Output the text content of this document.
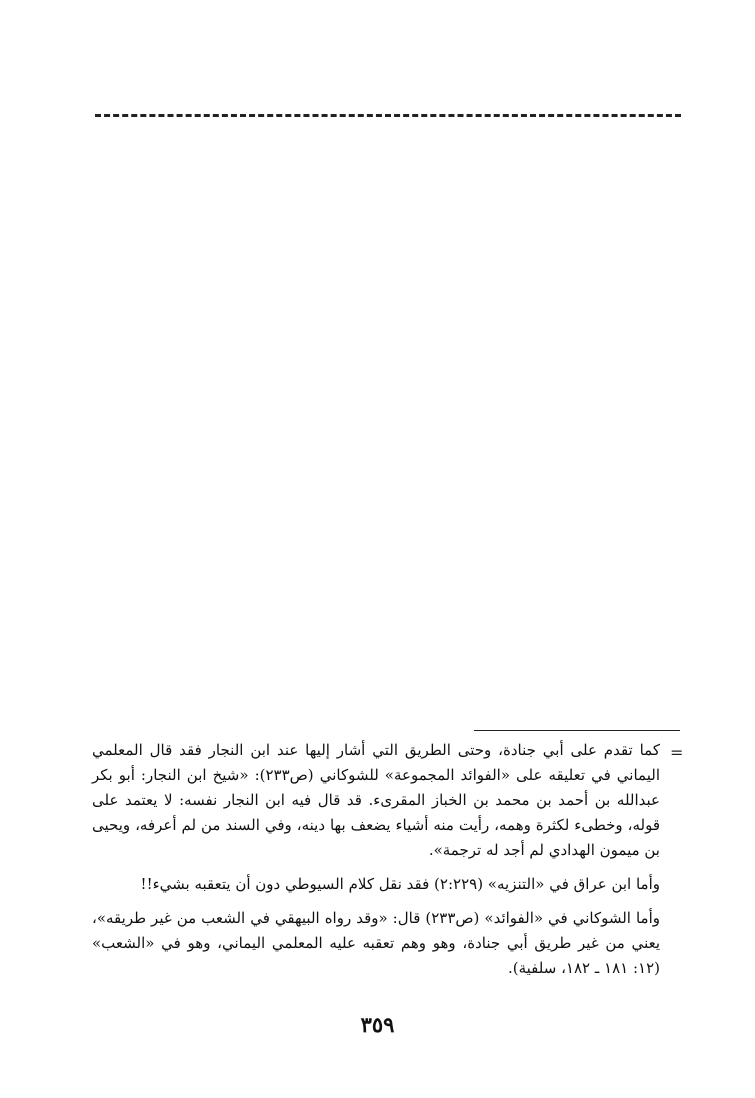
=

كما تقدم على أبي جنادة، وحتى الطريق التي أشار إليها عند ابن النجار فقد قال المعلمي اليماني في تعليقه على «الفوائد المجموعة» للشوكاني (ص٢٣٣): «شيخ ابن النجار: أبو بكر عبدالله بن أحمد بن محمد بن الخباز المقرىء. قد قال فيه ابن النجار نفسه: لا يعتمد على قوله، وخطىء لكثرة وهمه، رأيت منه أشياء يضعف بها دينه، وفي السند من لم أعرفه، ويحيى بن ميمون الهدادي لم أجد له ترجمة».

وأما ابن عراق في «التنزيه» (٢:٢٢٩) فقد نقل كلام السيوطي دون أن يتعقبه بشيء!!

وأما الشوكاني في «الفوائد» (ص٢٣٣) قال: «وقد رواه البيهقي في الشعب من غير طريقه»، يعني من غير طريق أبي جنادة، وهو وهم تعقبه عليه المعلمي اليماني، وهو في «الشعب» (١٢: ١٨١ ـ ١٨٢، سلفية).

٣٥٩
